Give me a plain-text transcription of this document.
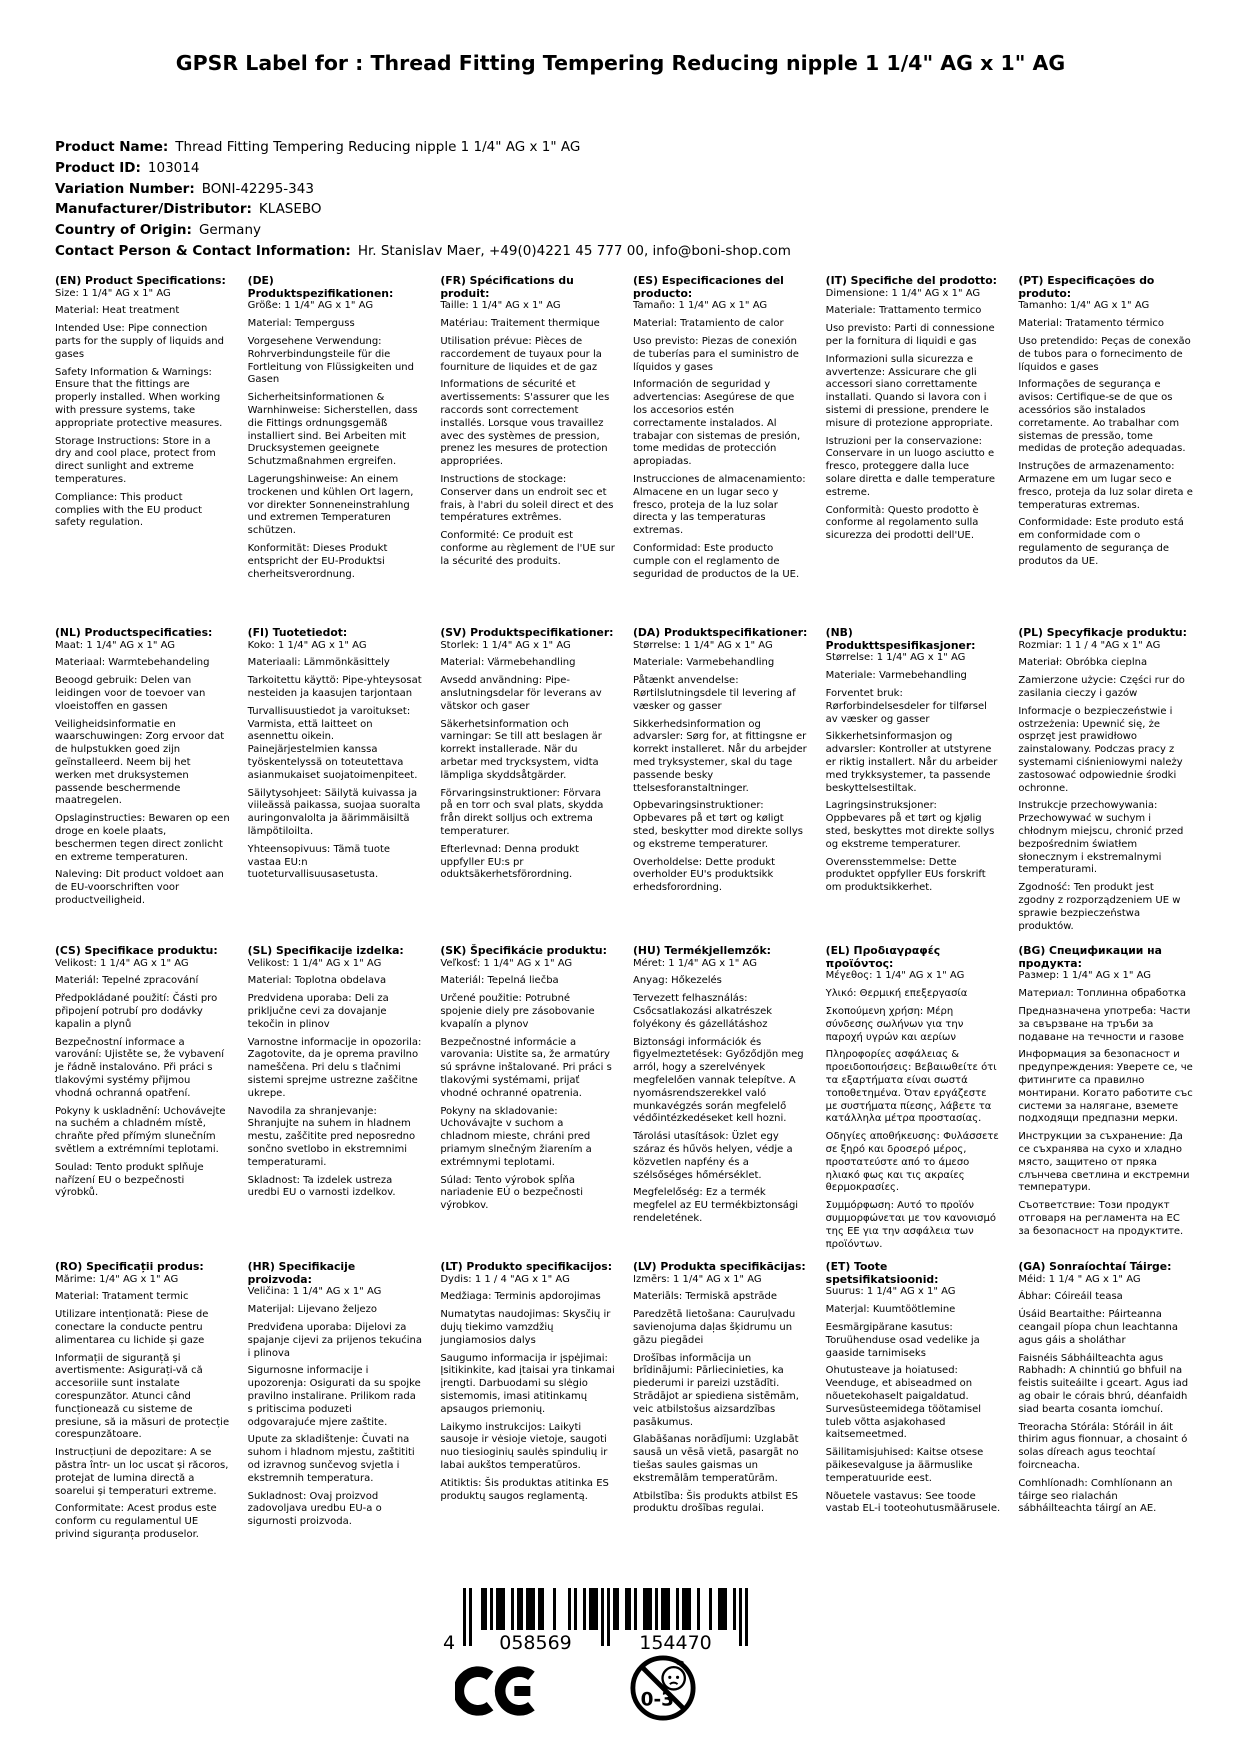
GPSR Label for : Thread Fitting Tempering Reducing nipple 1 1/4" AG x 1" AG
Product Name: Thread Fitting Tempering Reducing nipple 1 1/4" AG x 1" AG
Product ID: 103014
Variation Number: BONI-42295-343
Manufacturer/Distributor: KLASEBO
Country of Origin: Germany
Contact Person & Contact Information: Hr. Stanislav Maer, +49(0)4221 45 777 00, info@boni-shop.com
(EN) Product Specifications:

Size: 1 1/4" AG x 1" AG

Material: Heat treatment

Intended Use: Pipe connection parts for the supply of liquids and gases

Safety Information & Warnings: Ensure that the fittings are properly installed. When working with pressure systems, take appropriate protective measures.

Storage Instructions: Store in a dry and cool place, protect from direct sunlight and extreme temperatures.

Compliance: This product complies with the EU product safety regulation.

(DE) Produktspezifikationen:

Größe: 1 1/4" AG x 1" AG

Material: Temperguss

Vorgesehene Verwendung: Rohrverbindungsteile für die Fortleitung von Flüssigkeiten und Gasen

Sicherheitsinformationen & Warnhinweise: Sicherstellen, dass die Fittings ordnungsgemäß installiert sind. Bei Arbeiten mit Drucksystemen geeignete Schutzmaßnahmen ergreifen.

Lagerungshinweise: An einem trockenen und kühlen Ort lagern, vor direkter Sonneneinstrahlung und extremen Temperaturen schützen.

Konformität: Dieses Produkt entspricht der EU-Produktsi cherheitsverordnung.

(FR) Spécifications du produit:

Taille: 1 1/4" AG x 1" AG

Matériau: Traitement thermique

Utilisation prévue: Pièces de raccordement de tuyaux pour la fourniture de liquides et de gaz

Informations de sécurité et avertissements: S'assurer que les raccords sont correctement installés. Lorsque vous travaillez avec des systèmes de pression, prenez les mesures de protection appropriées.

Instructions de stockage: Conserver dans un endroit sec et frais, à l'abri du soleil direct et des températures extrêmes.

Conformité: Ce produit est conforme au règlement de l'UE sur la sécurité des produits.

(ES) Especificaciones del producto:

Tamaño: 1 1/4" AG x 1" AG

Material: Tratamiento de calor

Uso previsto: Piezas de conexión de tuberías para el suministro de líquidos y gases

Información de seguridad y advertencias: Asegúrese de que los accesorios estén correctamente instalados. Al trabajar con sistemas de presión, tome medidas de protección apropiadas.

Instrucciones de almacenamiento: Almacene en un lugar seco y fresco, proteja de la luz solar directa y las temperaturas extremas.

Conformidad: Este producto cumple con el reglamento de seguridad de productos de la UE.

(IT) Specifiche del prodotto:

Dimensione: 1 1/4" AG x 1" AG

Materiale: Trattamento termico

Uso previsto: Parti di connessione per la fornitura di liquidi e gas

Informazioni sulla sicurezza e avvertenze: Assicurare che gli accessori siano correttamente installati. Quando si lavora con i sistemi di pressione, prendere le misure di protezione appropriate.

Istruzioni per la conservazione: Conservare in un luogo asciutto e fresco, proteggere dalla luce solare diretta e dalle temperature estreme.

Conformità: Questo prodotto è conforme al regolamento sulla sicurezza dei prodotti dell'UE.

(PT) Especificações do produto:

Tamanho: 1/4" AG x 1" AG

Material: Tratamento térmico

Uso pretendido: Peças de conexão de tubos para o fornecimento de líquidos e gases

Informações de segurança e avisos: Certifique-se de que os acessórios são instalados corretamente. Ao trabalhar com sistemas de pressão, tome medidas de proteção adequadas.

Instruções de armazenamento: Armazene em um lugar seco e fresco, proteja da luz solar direta e temperaturas extremas.

Conformidade: Este produto está em conformidade com o regulamento de segurança de produtos da UE.

(NL) Productspecificaties:

Maat: 1 1/4" AG x 1" AG

Materiaal: Warmtebehandeling

Beoogd gebruik: Delen van leidingen voor de toevoer van vloeistoffen en gassen

Veiligheidsinformatie en waarschuwingen: Zorg ervoor dat de hulpstukken goed zijn geïnstalleerd. Neem bij het werken met druksystemen passende beschermende maatregelen.

Opslaginstructies: Bewaren op een droge en koele plaats, beschermen tegen direct zonlicht en extreme temperaturen.

Naleving: Dit product voldoet aan de EU-voorschriften voor productveiligheid.

(FI) Tuotetiedot:

Koko: 1 1/4" AG x 1" AG

Materiaali: Lämmönkäsittely

Tarkoitettu käyttö: Pipe-yhteysosat nesteiden ja kaasujen tarjontaan

Turvallisuustiedot ja varoitukset: Varmista, että laitteet on asennettu oikein. Painejärjestelmien kanssa työskentelyssä on toteutettava asianmukaiset suojatoimenpiteet.

Säilytysohjeet: Säilytä kuivassa ja viileässä paikassa, suojaa suoralta auringonvalolta ja äärimmäisiltä lämpötiloilta.

Yhteensopivuus: Tämä tuote vastaa EU:n tuoteturvallisuusasetusta.

(SV) Produktspecifikationer:

Storlek: 1 1/4" AG x 1" AG

Material: Värmebehandling

Avsedd användning: Pipe-anslutningsdelar för leverans av vätskor och gaser

Säkerhetsinformation och varningar: Se till att beslagen är korrekt installerade. När du arbetar med trycksystem, vidta lämpliga skyddsåtgärder.

Förvaringsinstruktioner: Förvara på en torr och sval plats, skydda från direkt solljus och extrema temperaturer.

Efterlevnad: Denna produkt uppfyller EU:s pr oduktsäkerhetsförordning.

(DA) Produktspecifikationer:

Størrelse: 1 1/4" AG x 1" AG

Materiale: Varmebehandling

Påtænkt anvendelse: Rørtilslutningsdele til levering af væsker og gasser

Sikkerhedsinformation og advarsler: Sørg for, at fittingsne er korrekt installeret. Når du arbejder med tryksystemer, skal du tage passende besky ttelsesforanstaltninger.

Opbevaringsinstruktioner: Opbevares på et tørt og køligt sted, beskytter mod direkte sollys og ekstreme temperaturer.

Overholdelse: Dette produkt overholder EU's produktsikk erhedsforordning.

(NB) Produkttspesifikasjoner:

Størrelse: 1 1/4" AG x 1" AG

Materiale: Varmebehandling

Forventet bruk: Rørforbindelsesdeler for tilførsel av væsker og gasser

Sikkerhetsinformasjon og advarsler: Kontroller at utstyrene er riktig installert. Når du arbeider med trykksystemer, ta passende beskyttelsestiltak.

Lagringsinstruksjoner: Oppbevares på et tørt og kjølig sted, beskyttes mot direkte sollys og ekstreme temperaturer.

Overensstemmelse: Dette produktet oppfyller EUs forskrift om produktsikkerhet.

(PL) Specyfikacje produktu:

Rozmiar: 1 1 / 4 "AG x 1" AG

Materiał: Obróbka cieplna

Zamierzone użycie: Części rur do zasilania cieczy i gazów

Informacje o bezpieczeństwie i ostrzeżenia: Upewnić się, że osprzęt jest prawidłowo zainstalowany. Podczas pracy z systemami ciśnieniowymi należy zastosować odpowiednie środki ochronne.

Instrukcje przechowywania: Przechowywać w suchym i chłodnym miejscu, chronić przed bezpośrednim światłem słonecznym i ekstremalnymi temperaturami.

Zgodność: Ten produkt jest zgodny z rozporządzeniem UE w sprawie bezpieczeństwa produktów.

(CS) Specifikace produktu:

Velikost: 1 1/4" AG x 1" AG

Materiál: Tepelné zpracování

Předpokládané použití: Části pro připojení potrubí pro dodávky kapalin a plynů

Bezpečnostní informace a varování: Ujistěte se, že vybavení je řádně instalováno. Při práci s tlakovými systémy přijmou vhodná ochranná opatření.

Pokyny k uskladnění: Uchovávejte na suchém a chladném místě, chraňte před přímým slunečním světlem a extrémními teplotami.

Soulad: Tento produkt splňuje nařízení EU o bezpečnosti výrobků.

(SL) Specifikacije izdelka:

Velikost: 1 1/4" AG x 1" AG

Material: Toplotna obdelava

Predvidena uporaba: Deli za priključne cevi za dovajanje tekočin in plinov

Varnostne informacije in opozorila: Zagotovite, da je oprema pravilno nameščena. Pri delu s tlačnimi sistemi sprejme ustrezne zaščitne ukrepe.

Navodila za shranjevanje: Shranjujte na suhem in hladnem mestu, zaščitite pred neposredno sončno svetlobo in ekstremnimi temperaturami.

Skladnost: Ta izdelek ustreza uredbi EU o varnosti izdelkov.

(SK) Špecifikácie produktu:

Veľkosť: 1 1/4" AG x 1" AG

Materiál: Tepelná liečba

Určené použitie: Potrubné spojenie diely pre zásobovanie kvapalín a plynov

Bezpečnostné informácie a varovania: Uistite sa, že armatúry sú správne inštalované. Pri práci s tlakovými systémami, prijať vhodné ochranné opatrenia.

Pokyny na skladovanie: Uchovávajte v suchom a chladnom mieste, chráni pred priamym slnečným žiarením a extrémnymi teplotami.

Súlad: Tento výrobok spĺňa nariadenie EÚ o bezpečnosti výrobkov.

(HU) Termékjellemzők:

Méret: 1 1/4" AG x 1" AG

Anyag: Hőkezelés

Tervezett felhasználás: Csőcsatlakozási alkatrészek folyékony és gázellátáshoz

Biztonsági információk és figyelmeztetések: Győződjön meg arról, hogy a szerelvények megfelelően vannak telepítve. A nyomásrendszerekkel való munkavégzés során megfelelő védőintézkedéseket kell hozni.

Tárolási utasítások: Üzlet egy száraz és hűvös helyen, védje a közvetlen napfény és a szélsőséges hőmérséklet.

Megfelelőség: Ez a termék megfelel az EU termékbiztonsági rendeletének.

(EL) Προδιαγραφές προϊόντος:

Μέγεθος: 1 1/4" AG x 1" AG

Υλικό: Θερμική επεξεργασία

Σκοπούμενη χρήση: Μέρη σύνδεσης σωλήνων για την παροχή υγρών και αερίων

Πληροφορίες ασφάλειας & προειδοποιήσεις: Βεβαιωθείτε ότι τα εξαρτήματα είναι σωστά τοποθετημένα. Όταν εργάζεστε με συστήματα πίεσης, λάβετε τα κατάλληλα μέτρα προστασίας.

Οδηγίες αποθήκευσης: Φυλάσσετε σε ξηρό και δροσερό μέρος, προστατεύστε από το άμεσο ηλιακό φως και τις ακραίες θερμοκρασίες.

Συμμόρφωση: Αυτό το προϊόν συμμορφώνεται με τον κανονισμό της ΕΕ για την ασφάλεια των προϊόντων.

(BG) Спецификации на продукта:

Размер: 1 1/4" AG x 1" AG

Материал: Топлинна обработка

Предназначена употреба: Части за свързване на тръби за подаване на течности и газове

Информация за безопасност и предупреждения: Уверете се, че фитингите са правилно монтирани. Когато работите със системи за налягане, вземете подходящи предпазни мерки.

Инструкции за съхранение: Да се съхранява на сухо и хладно място, защитено от пряка слънчева светлина и екстремни температури.

Съответствие: Този продукт отговаря на регламента на ЕС за безопасност на продуктите.

(RO) Specificații produs:

Mărime: 1/4" AG x 1" AG

Material: Tratament termic

Utilizare intenționată: Piese de conectare la conducte pentru alimentarea cu lichide și gaze

Informații de siguranță și avertismente: Asigurați-vă că accesoriile sunt instalate corespunzător. Atunci când funcționează cu sisteme de presiune, să ia măsuri de protecție corespunzătoare.

Instrucțiuni de depozitare: A se păstra într- un loc uscat și răcoros, protejat de lumina directă a soarelui și temperaturi extreme.

Conformitate: Acest produs este conform cu regulamentul UE privind siguranța produselor.

(HR) Specifikacije proizvoda:

Veličina: 1 1/4" AG x 1" AG

Materijal: Lijevano željezo

Predviđena uporaba: Dijelovi za spajanje cijevi za prijenos tekućina i plinova

Sigurnosne informacije i upozorenja: Osigurati da su spojke pravilno instalirane. Prilikom rada s pritiscima poduzeti odgovarajuće mjere zaštite.

Upute za skladištenje: Čuvati na suhom i hladnom mjestu, zaštititi od izravnog sunčevog svjetla i ekstremnih temperatura.

Sukladnost: Ovaj proizvod zadovoljava uredbu EU-a o sigurnosti proizvoda.

(LT) Produkto specifikacijos:

Dydis: 1 1 / 4 "AG x 1" AG

Medžiaga: Terminis apdorojimas

Numatytas naudojimas: Skysčių ir dujų tiekimo vamzdžių jungiamosios dalys

Saugumo informacija ir įspėjimai: Įsitikinkite, kad įtaisai yra tinkamai įrengti. Darbuodami su slėgio sistemomis, imasi atitinkamų apsaugos priemonių.

Laikymo instrukcijos: Laikyti sausoje ir vėsioje vietoje, saugoti nuo tiesioginių saulės spindulių ir labai aukštos temperatūros.

Atitiktis: Šis produktas atitinka ES produktų saugos reglamentą.

(LV) Produkta specifikācijas:

Izmērs: 1 1/4" AG x 1" AG

Materiāls: Termiskā apstrāde

Paredzētā lietošana: Cauruļvadu savienojuma daļas šķidrumu un gāzu piegādei

Drošības informācija un brīdinājumi: Pārliecinieties, ka piederumi ir pareizi uzstādīti. Strādājot ar spiediena sistēmām, veic atbilstošus aizsardzības pasākumus.

Glabāšanas norādījumi: Uzglabāt sausā un vēsā vietā, pasargāt no tiešas saules gaismas un ekstremālām temperatūrām.

Atbilstība: Šis produkts atbilst ES produktu drošības regulai.

(ET) Toote spetsifikatsioonid:

Suurus: 1 1/4" AG x 1" AG

Materjal: Kuumtöötlemine

Eesmärgipärane kasutus: Toruühenduse osad vedelike ja gaaside tarnimiseks

Ohutusteave ja hoiatused: Veenduge, et abiseadmed on nõuetekohaselt paigaldatud. Survesüsteemidega töötamisel tuleb võtta asjakohased kaitsemeetmed.

Säilitamisjuhised: Kaitse otsese päikesevalguse ja äärmuslike temperatuuride eest.

Nõuetele vastavus: See toode vastab EL-i tooteohutusmäärusele.

(GA) Sonraíochtaí Táirge:

Méid: 1 1/4 " AG x 1" AG

Ábhar: Cóireáil teasa

Úsáid Beartaithe: Páirteanna ceangail píopa chun leachtanna agus gáis a sholáthar

Faisnéis Sábháilteachta agus Rabhadh: A chinntiú go bhfuil na feistis suiteáilte i gceart. Agus iad ag obair le córais bhrú, déanfaidh siad bearta cosanta iomchuí.

Treoracha Stórála: Stóráil in áit thirim agus fionnuar, a chosaint ó solas díreach agus teochtaí foircneacha.

Comhlíonadh: Comhlíonann an táirge seo rialachán sábháilteachta táirgí an AE.

4	058569	154470
0-3
